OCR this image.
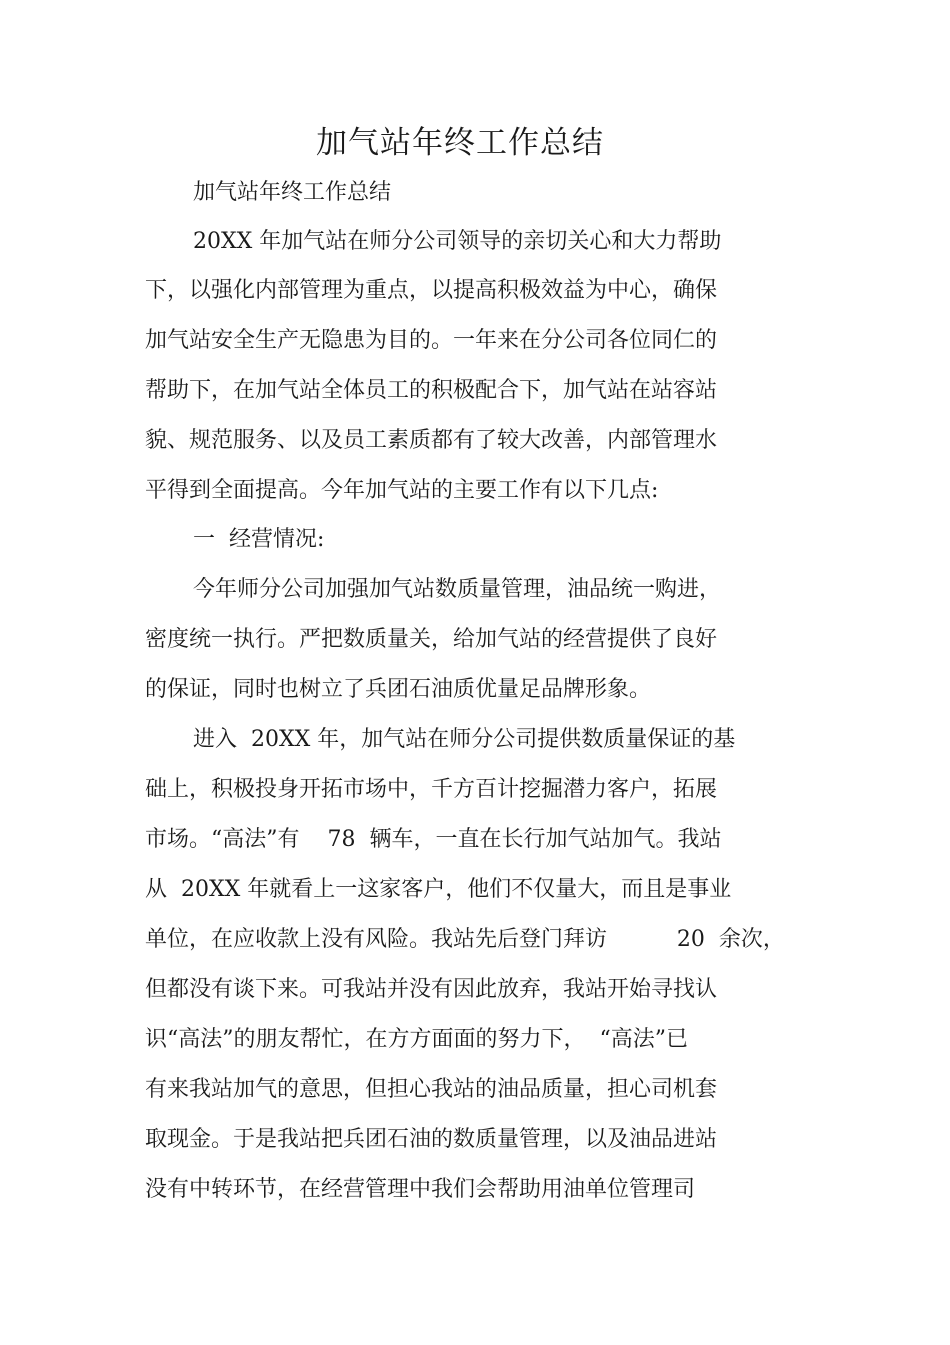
加气站年终工作总结

加气站年终工作总结

20XX 年加气站在师分公司领导的亲切关心和大力帮助

下，以强化内部管理为重点，以提高积极效益为中心，确保

加气站安全生产无隐患为目的。一年来在分公司各位同仁的

帮助下，在加气站全体员工的积极配合下，加气站在站容站

貌、规范服务、以及员工素质都有了较大改善，内部管理水

平得到全面提高。今年加气站的主要工作有以下几点:

一  经营情况:

今年师分公司加强加气站数质量管理，油品统一购进，

密度统一执行。严把数质量关，给加气站的经营提供了良好

的保证，同时也树立了兵团石油质优量足品牌形象。

进入  20XX 年，加气站在师分公司提供数质量保证的基

础上，积极投身开拓市场中，千方百计挖掘潜力客户，拓展

市场。“高法”有    78  辆车，一直在长行加气站加气。我站

从  20XX 年就看上一这家客户，他们不仅量大，而且是事业

单位，在应收款上没有风险。我站先后登门拜访          20  余次，

但都没有谈下来。可我站并没有因此放弃，我站开始寻找认

识“高法”的朋友帮忙，在方方面面的努力下，  “高法”已

有来我站加气的意思，但担心我站的油品质量，担心司机套

取现金。于是我站把兵团石油的数质量管理，以及油品进站

没有中转环节，在经营管理中我们会帮助用油单位管理司
